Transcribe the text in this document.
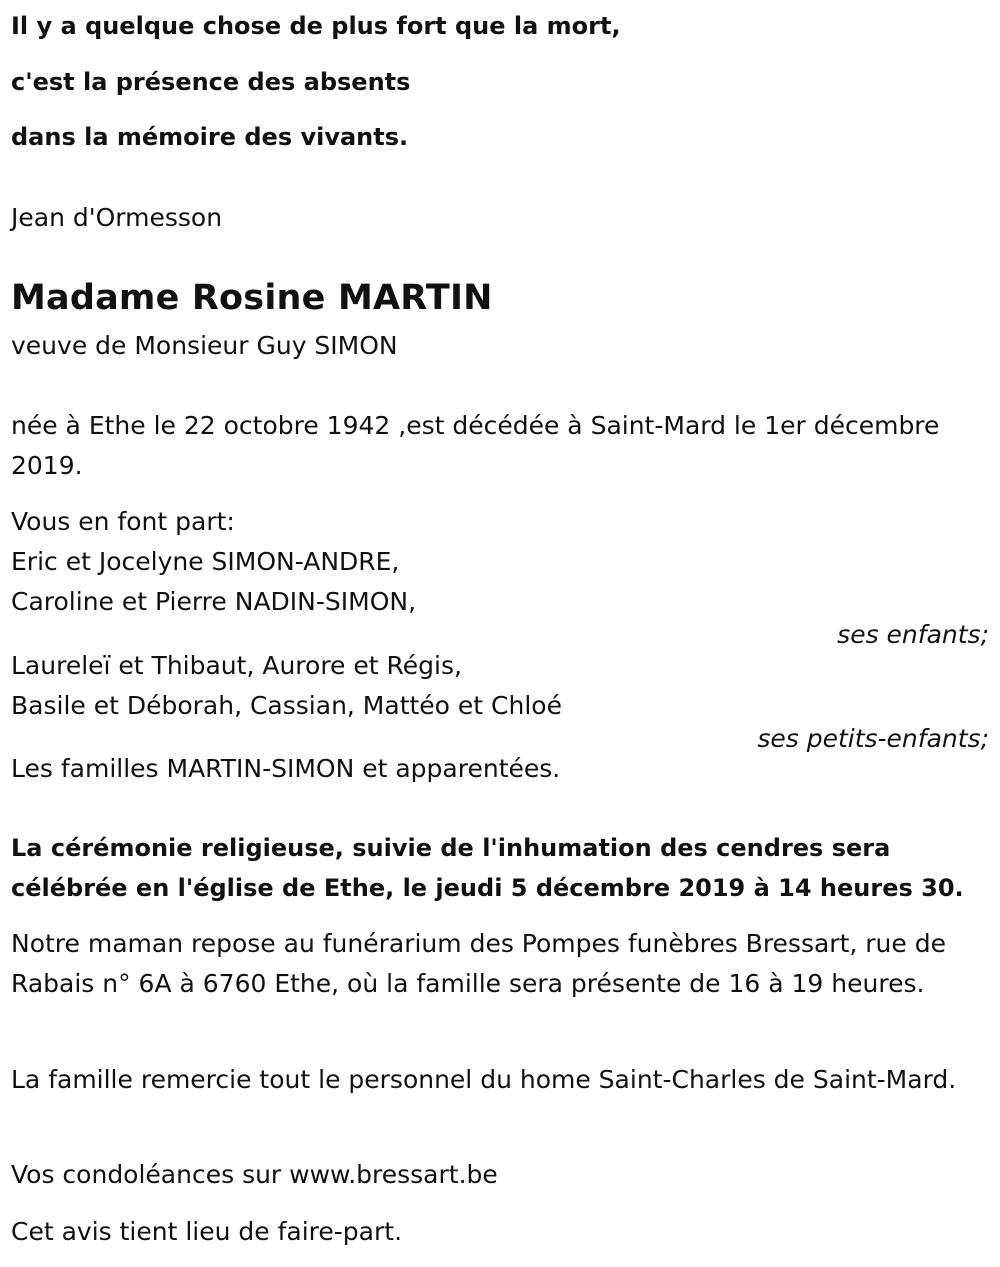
Il y a quelque chose de plus fort que la mort,

c'est la présence des absents

dans la mémoire des vivants.

Jean d'Ormesson
Madame Rosine MARTIN
veuve de Monsieur Guy SIMON
née à Ethe le 22 octobre 1942 ,est décédée à Saint-Mard le 1er décembre 2019.
Vous en font part:
Eric et Jocelyne SIMON-ANDRE,
Caroline et Pierre NADIN-SIMON,
ses enfants;
Laureleï et Thibaut, Aurore et Régis,
Basile et Déborah, Cassian, Mattéo et Chloé
ses petits-enfants;
Les familles MARTIN-SIMON et apparentées.
La cérémonie religieuse, suivie de l'inhumation des cendres sera célébrée en l'église de Ethe, le jeudi 5 décembre 2019 à 14 heures 30.
Notre maman repose au funérarium des Pompes funèbres Bressart, rue de Rabais n° 6A à 6760 Ethe, où la famille sera présente de 16 à 19 heures.
La famille remercie tout le personnel du home Saint-Charles de Saint-Mard.
Vos condoléances sur www.bressart.be
Cet avis tient lieu de faire-part.
